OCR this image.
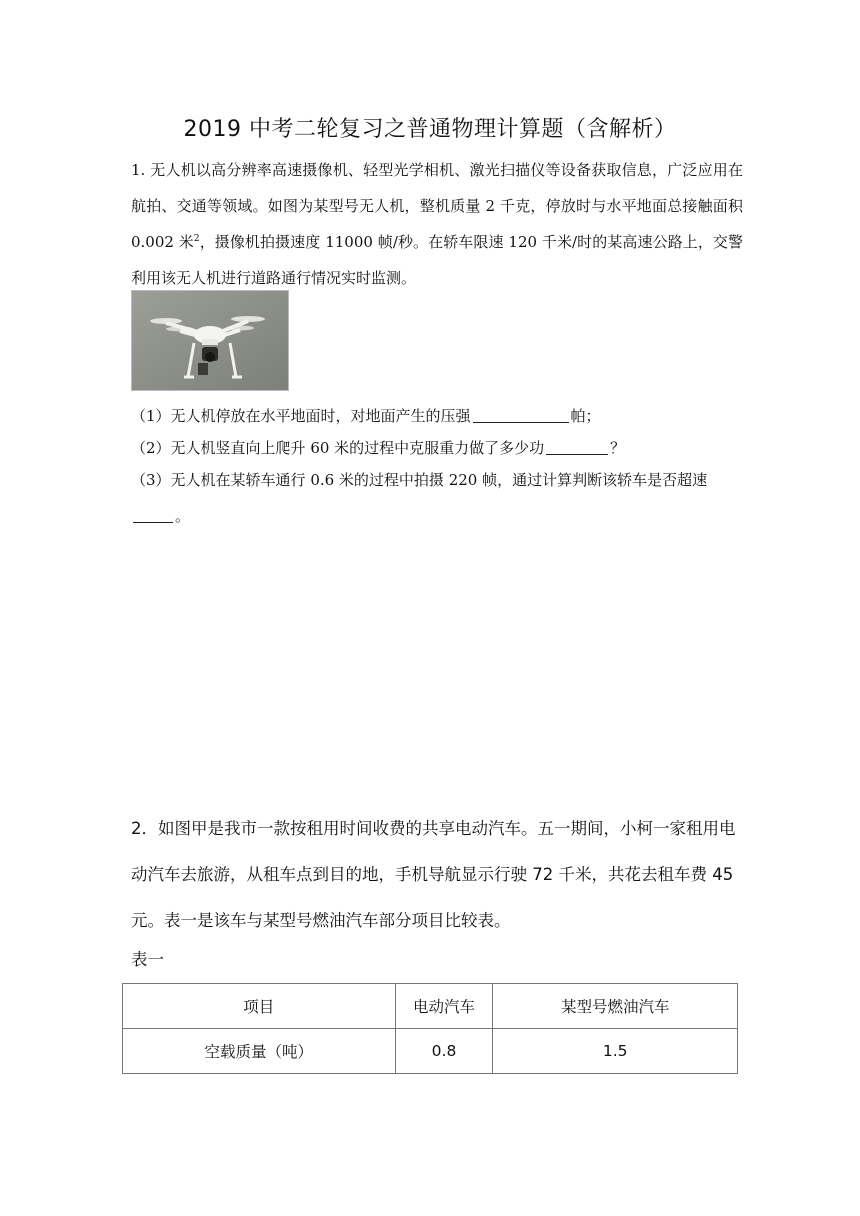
2019 中考二轮复习之普通物理计算题（含解析）

1. 无人机以高分辨率高速摄像机、轻型光学相机、激光扫描仪等设备获取信息，广泛应用在航拍、交通等领域。如图为某型号无人机，整机质量 2 千克，停放时与水平地面总接触面积 0.002 米$^2$，摄像机拍摄速度 11000 帧/秒。在轿车限速 120 千米/时的某高速公路上，交警利用该无人机进行道路通行情况实时监测。

（1）无人机停放在水平地面时，对地面产生的压强	帕；
（2）无人机竖直向上爬升 60 米的过程中克服重力做了多少功	？
（3）无人机在某轿车通行 0.6 米的过程中拍摄 220 帧，通过计算判断该轿车是否超速。

2．如图甲是我市一款按租用时间收费的共享电动汽车。五一期间，小柯一家租用电动汽车去旅游，从租车点到目的地，手机导航显示行驶 72 千米，共花去租车费 45 元。表一是该车与某型号燃油汽车部分项目比较表。

表一
项目	电动汽车	某型号燃油汽车
空载质量（吨）	0.8	1.5
